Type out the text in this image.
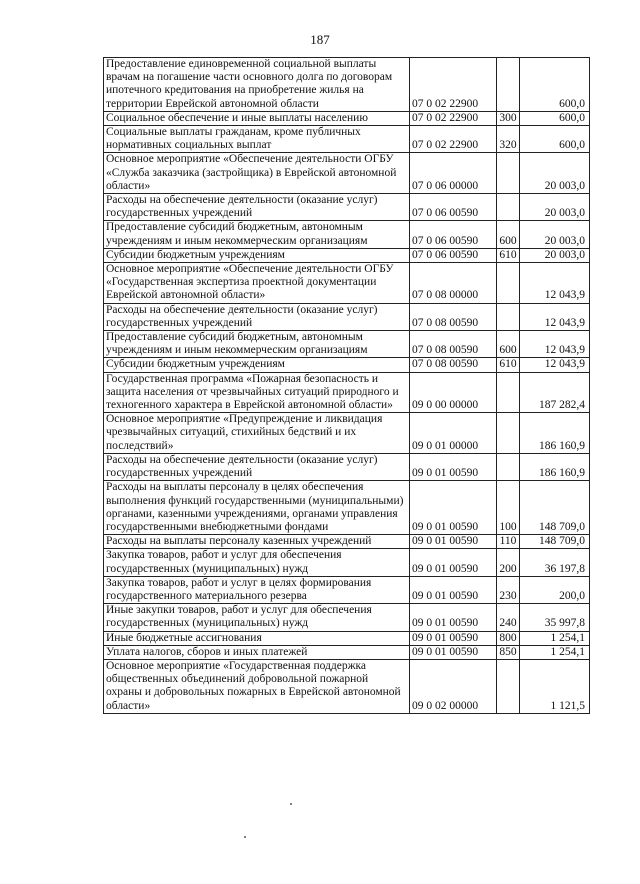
187
Предоставление единовременной социальной выплаты врачам на погашение части основного долга по договорам ипотечного кредитования на приобретение жилья на территории Еврейской автономной области	07 0 02 22900		600,0
Социальное обеспечение и иные выплаты населению	07 0 02 22900	300	600,0
Социальные выплаты гражданам, кроме публичных нормативных социальных выплат	07 0 02 22900	320	600,0
Основное мероприятие «Обеспечение деятельности ОГБУ «Служба заказчика (застройщика) в Еврейской автономной области»	07 0 06 00000		20 003,0
Расходы на обеспечение деятельности (оказание услуг) государственных учреждений	07 0 06 00590		20 003,0
Предоставление субсидий бюджетным, автономным учреждениям и иным некоммерческим организациям	07 0 06 00590	600	20 003,0
Субсидии бюджетным учреждениям	07 0 06 00590	610	20 003,0
Основное мероприятие «Обеспечение деятельности ОГБУ «Государственная экспертиза проектной документации Еврейской автономной области»	07 0 08 00000		12 043,9
Расходы на обеспечение деятельности (оказание услуг) государственных учреждений	07 0 08 00590		12 043,9
Предоставление субсидий бюджетным, автономным учреждениям и иным некоммерческим организациям	07 0 08 00590	600	12 043,9
Субсидии бюджетным учреждениям	07 0 08 00590	610	12 043,9
Государственная программа «Пожарная безопасность и защита населения от чрезвычайных ситуаций природного и техногенного характера в Еврейской автономной области»	09 0 00 00000		187 282,4
Основное мероприятие «Предупреждение и ликвидация чрезвычайных ситуаций, стихийных бедствий и их последствий»	09 0 01 00000		186 160,9
Расходы на обеспечение деятельности (оказание услуг) государственных учреждений	09 0 01 00590		186 160,9
Расходы на выплаты персоналу в целях обеспечения выполнения функций государственными (муниципальными) органами, казенными учреждениями, органами управления государственными внебюджетными фондами	09 0 01 00590	100	148 709,0
Расходы на выплаты персоналу казенных учреждений	09 0 01 00590	110	148 709,0
Закупка товаров, работ и услуг для обеспечения государственных (муниципальных) нужд	09 0 01 00590	200	36 197,8
Закупка товаров, работ и услуг в целях формирования государственного материального резерва	09 0 01 00590	230	200,0
Иные закупки товаров, работ и услуг для обеспечения государственных (муниципальных) нужд	09 0 01 00590	240	35 997,8
Иные бюджетные ассигнования	09 0 01 00590	800	1 254,1
Уплата налогов, сборов и иных платежей	09 0 01 00590	850	1 254,1
Основное мероприятие «Государственная поддержка общественных объединений добровольной пожарной охраны и добровольных пожарных в Еврейской автономной области»	09 0 02 00000		1 121,5
